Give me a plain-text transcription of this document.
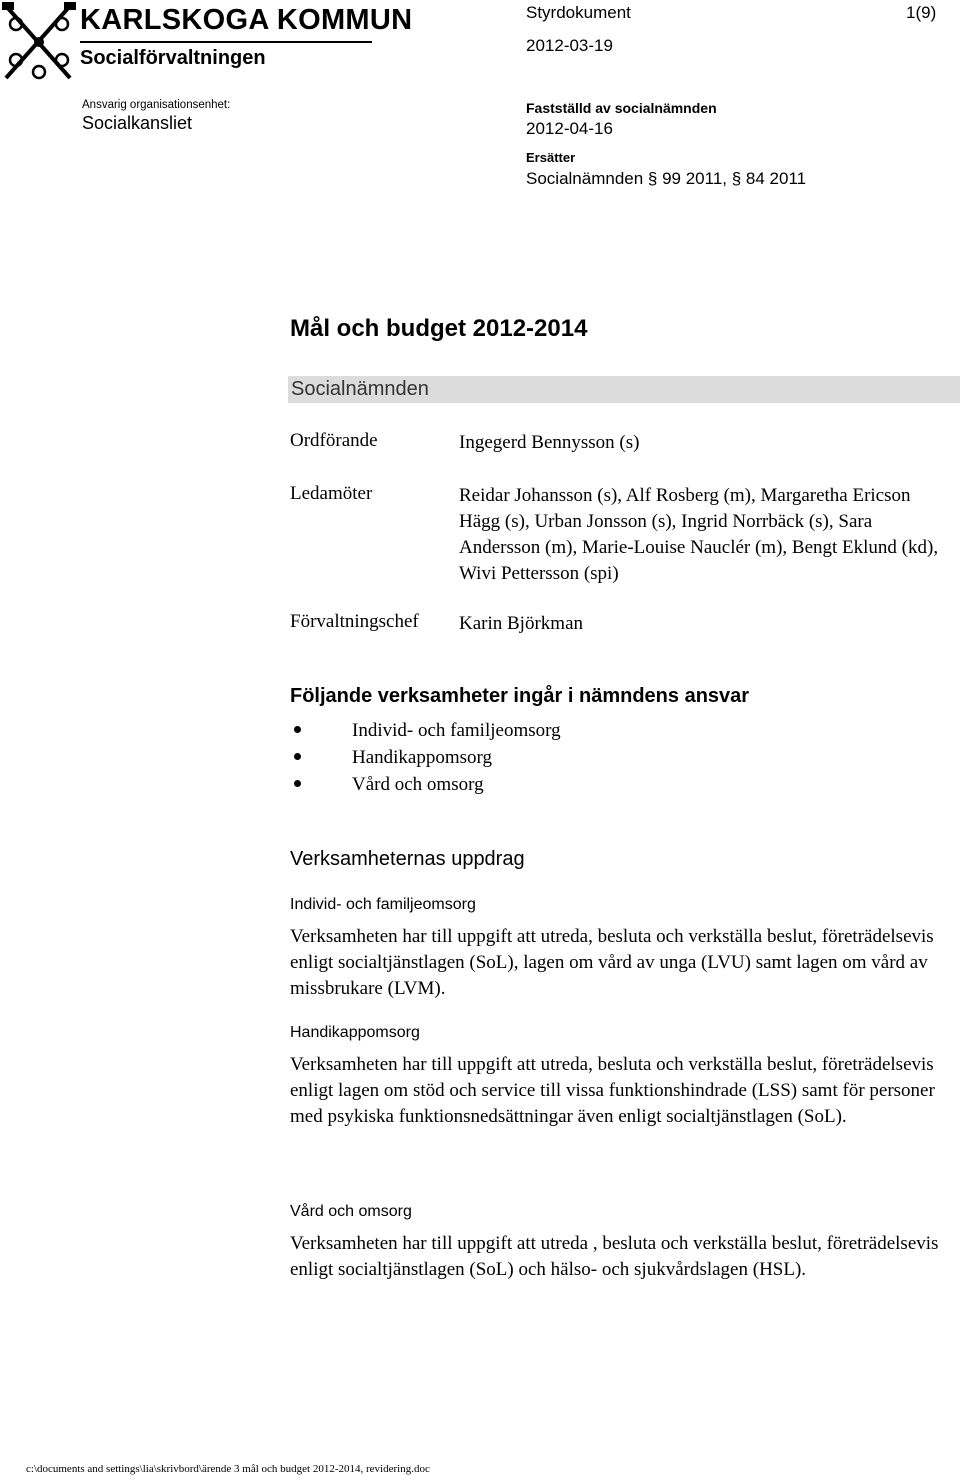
KARLSKOGA KOMMUN
Socialförvaltningen
Styrdokument	1(9)
2012-03-19
Ansvarig organisationsenhet:
Socialkansliet
Fastställd av socialnämnden
2012-04-16
Ersätter
Socialnämnden § 99 2011, § 84 2011
Mål och budget 2012-2014
Socialnämnden
Ordförande	Ingegerd Bennysson (s)
Ledamöter	Reidar Johansson (s), Alf Rosberg (m), Margaretha Ericson Hägg (s), Urban Jonsson (s), Ingrid Norrbäck (s), Sara Andersson (m), Marie-Louise Nauclér (m), Bengt Eklund (kd), Wivi Pettersson (spi)
Förvaltningschef Karin Björkman
Följande verksamheter ingår i nämndens ansvar
Individ- och familjeomsorg
Handikappomsorg
Vård och omsorg
Verksamheternas uppdrag
Individ- och familjeomsorg
Verksamheten har till uppgift att utreda, besluta och verkställa beslut, företrädelsevis enligt socialtjänstlagen (SoL), lagen om vård av unga (LVU) samt lagen om vård av missbrukare (LVM).
Handikappomsorg
Verksamheten har till uppgift att utreda, besluta och verkställa beslut, företrädelsevis enligt lagen om stöd och service till vissa funktionshindrade (LSS) samt för personer med psykiska funktionsnedsättningar även enligt socialtjänstlagen (SoL).
Vård och omsorg
Verksamheten har till uppgift att utreda , besluta och verkställa beslut, företrädelsevis enligt socialtjänstlagen (SoL) och hälso- och sjukvårdslagen (HSL).
c:\documents and settings\lia\skrivbord\ärende 3 mål och budget 2012-2014, revidering.doc
